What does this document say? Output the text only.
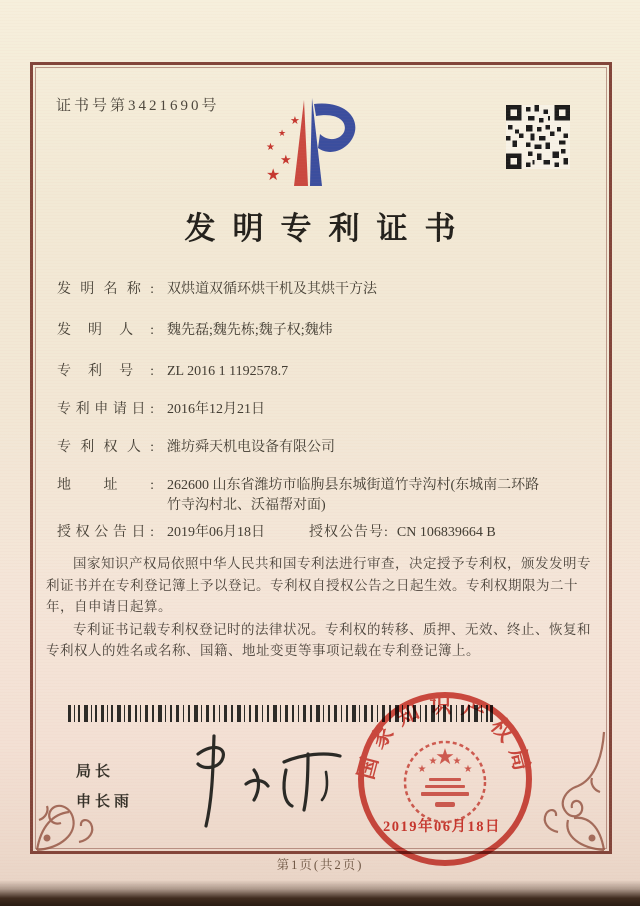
证书号第3421690号
★
★
★
★
★
发明专利证书
发明名称: 双烘道双循环烘干机及其烘干方法
发明人: 魏先磊;魏先栋;魏子权;魏炜
专利号: ZL 2016 1 1192578.7
专利申请日: 2016年12月21日
专利权人: 潍坊舜天机电设备有限公司
地址: 262600 山东省潍坊市临朐县东城街道竹寺沟村(东城南二环路竹寺沟村北、沃福帮对面)
授权公告日: 2019年06月18日	授权公告号: CN 106839664 B

国家知识产权局依照中华人民共和国专利法进行审查，决定授予专利权，颁发发明专利证书并在专利登记簿上予以登记。专利权自授权公告之日起生效。专利权期限为二十年，自申请日起算。

专利证书记载专利权登记时的法律状况。专利权的转移、质押、无效、终止、恢复和专利权人的姓名或名称、国籍、地址变更等事项记载在专利登记簿上。

局长
申长雨
国家知识产权局
★
★
★ ★
★
2019年06月18日
第1页(共2页)
